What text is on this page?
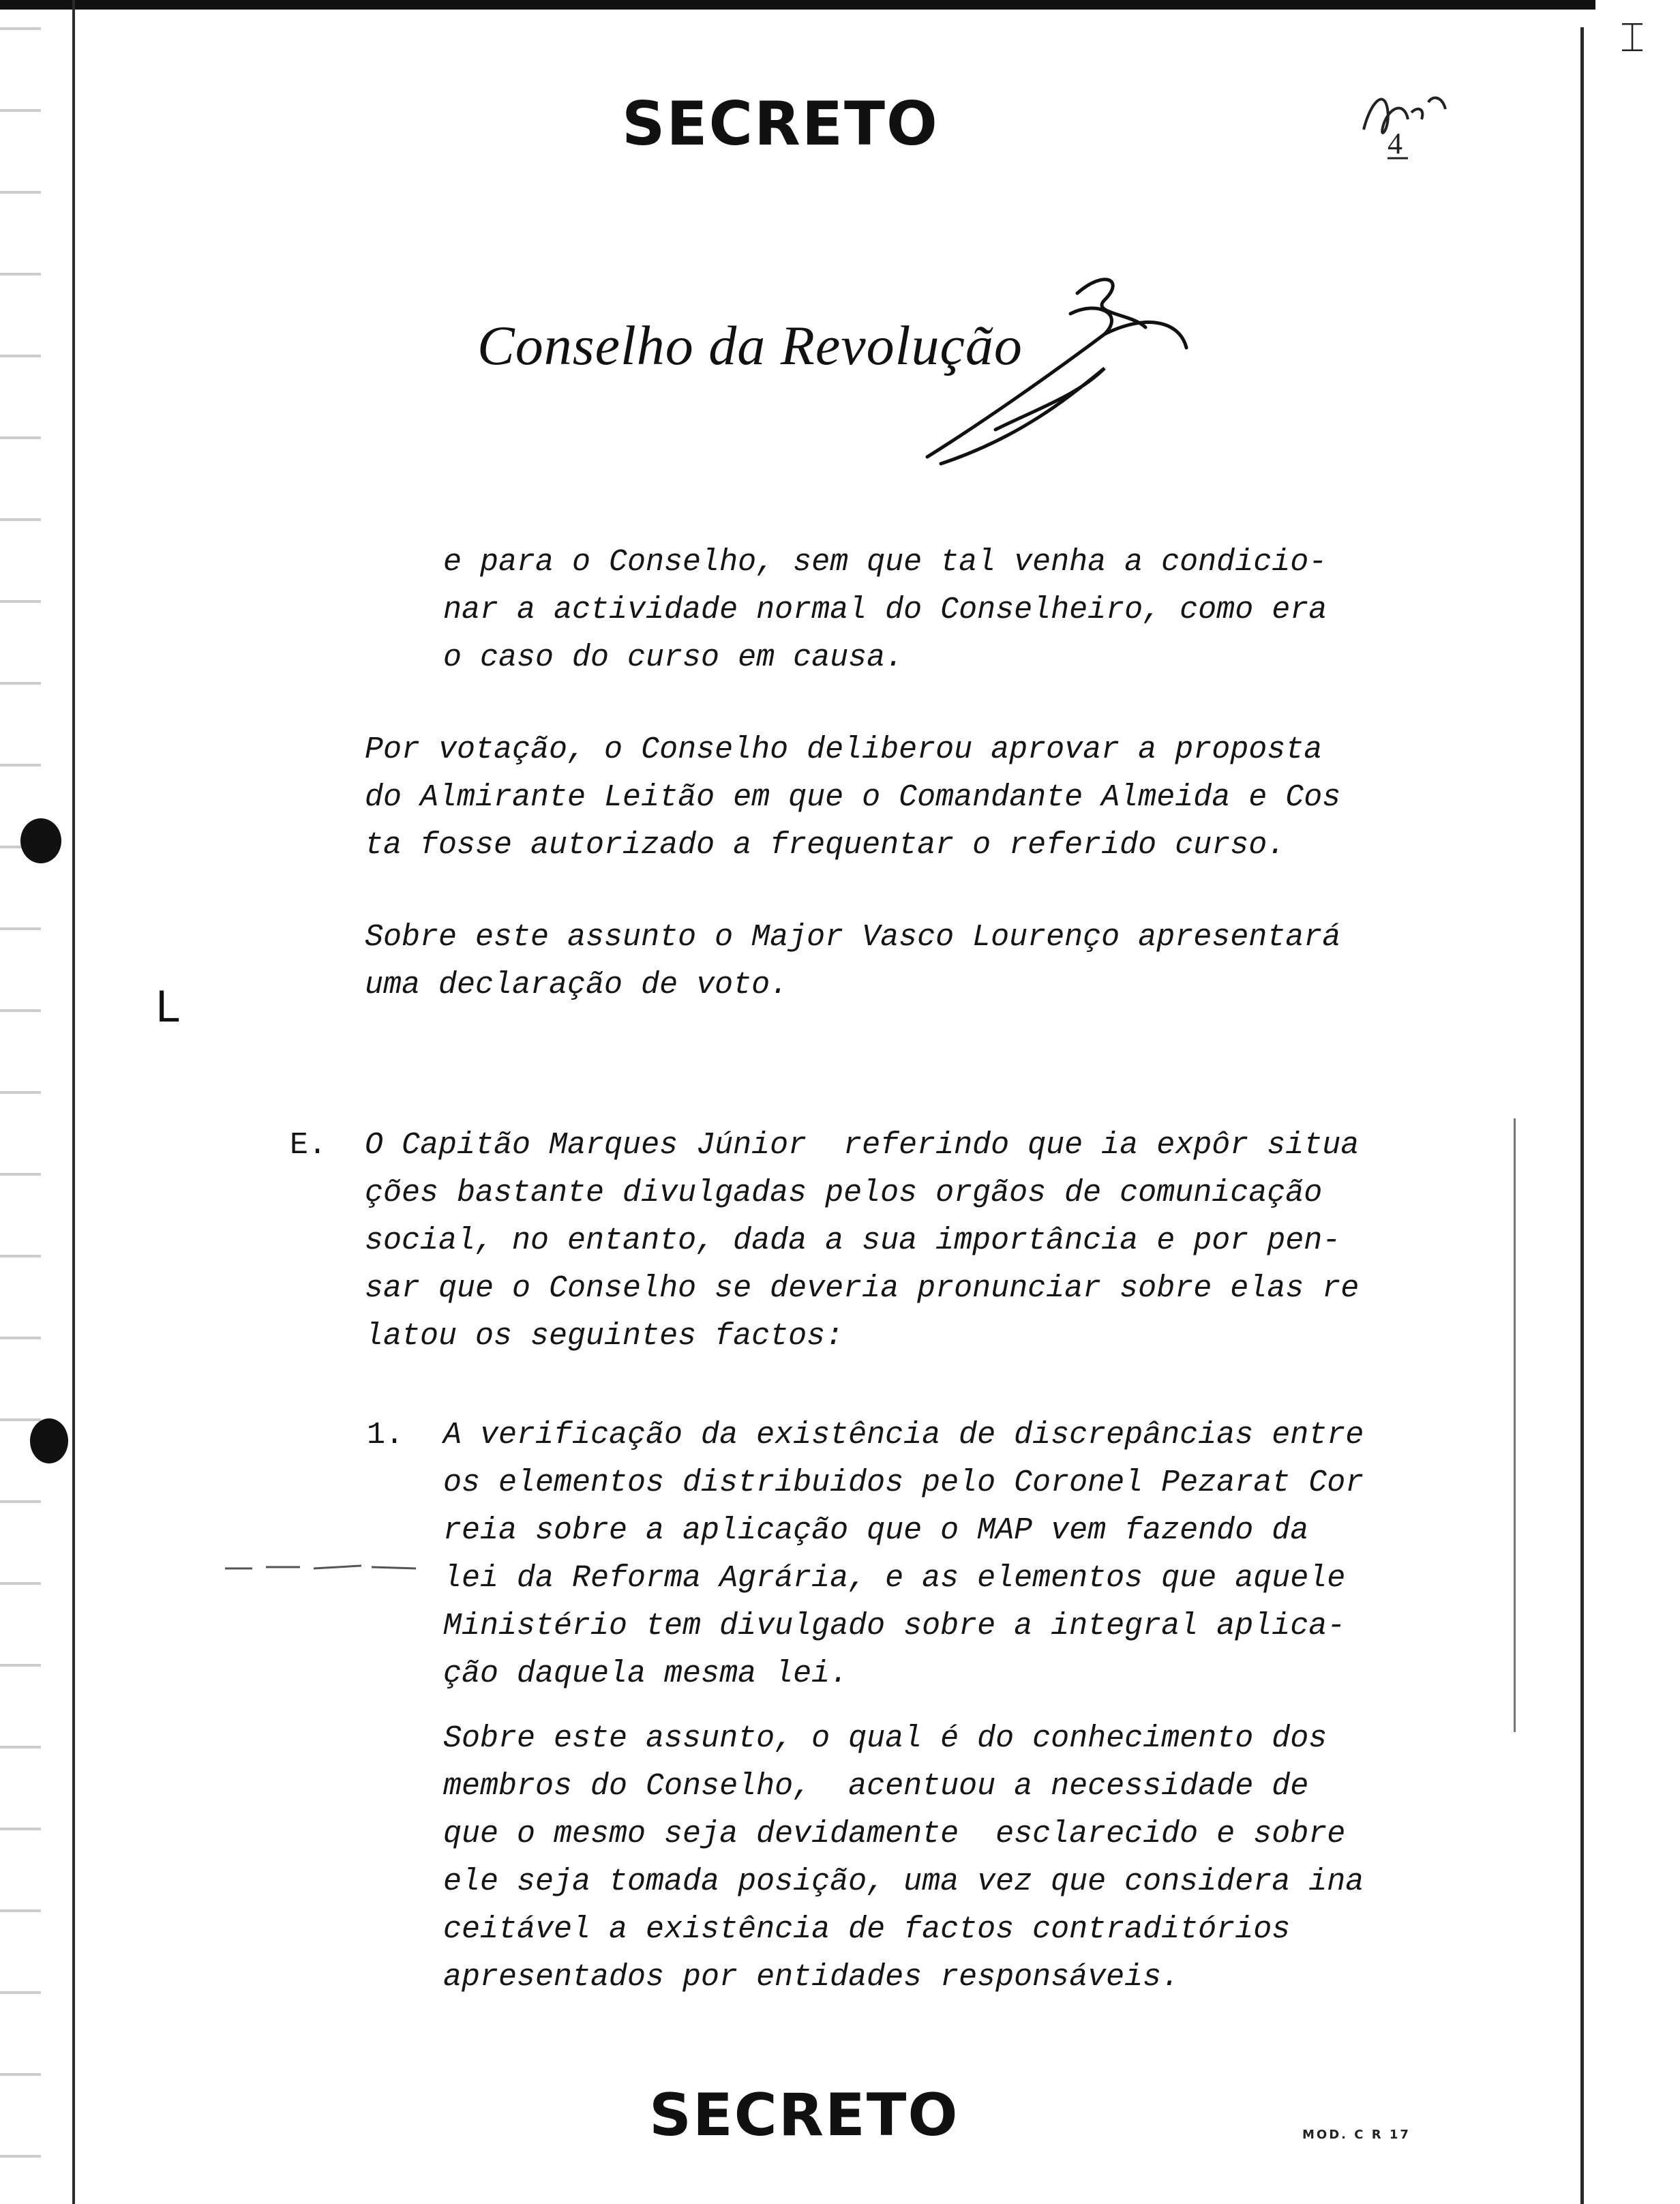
⌶
SECRETO	4
Conselho da Revolução
e para o Conselho, sem que tal venha a condicio-
nar a actividade normal do Conselheiro, como era
o caso do curso em causa.
Por votação, o Conselho deliberou aprovar a proposta
do Almirante Leitão em que o Comandante Almeida e Cos
ta fosse autorizado a frequentar o referido curso.
Sobre este assunto o Major Vasco Lourenço apresentará
uma declaração de voto.
L
E. O Capitão Marques Júnior  referindo que ia expôr situa
ções bastante divulgadas pelos orgãos de comunicação
social, no entanto, dada a sua importância e por pen-
sar que o Conselho se deveria pronunciar sobre elas re
latou os seguintes factos:
1. A verificação da existência de discrepâncias entre
os elementos distribuidos pelo Coronel Pezarat Cor
reia sobre a aplicação que o MAP vem fazendo da
lei da Reforma Agrária, e as elementos que aquele
Ministério tem divulgado sobre a integral aplica-
ção daquela mesma lei.
Sobre este assunto, o qual é do conhecimento dos
membros do Conselho,  acentuou a necessidade de
que o mesmo seja devidamente  esclarecido e sobre
ele seja tomada posição, uma vez que considera ina
ceitável a existência de factos contraditórios
apresentados por entidades responsáveis.
SECRETO	MOD. C R 17
